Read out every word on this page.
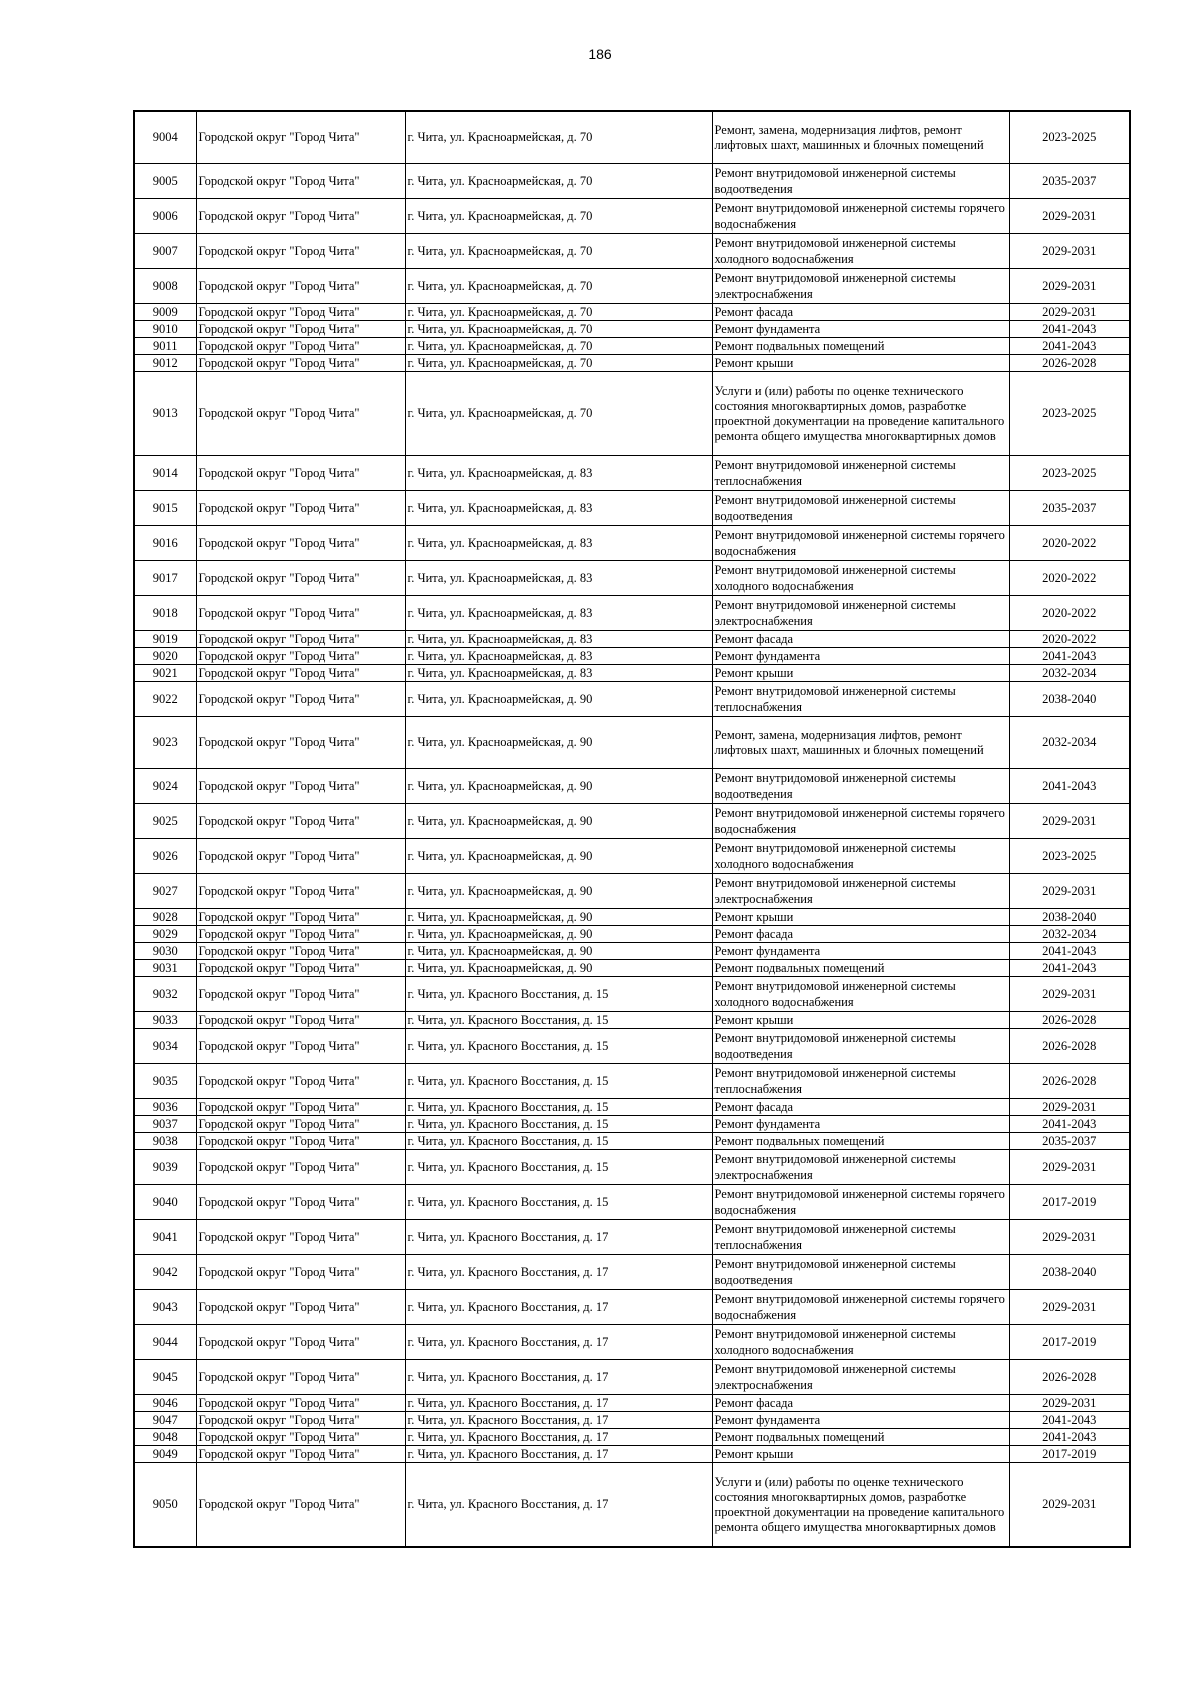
186
9004	Городской округ "Город Чита"	г. Чита, ул. Красноармейская, д. 70	Ремонт, замена, модернизация лифтов, ремонт лифтовых шахт, машинных и блочных помещений	2023-2025
9005	Городской округ "Город Чита"	г. Чита, ул. Красноармейская, д. 70	Ремонт внутридомовой инженерной системы водоотведения	2035-2037
9006	Городской округ "Город Чита"	г. Чита, ул. Красноармейская, д. 70	Ремонт внутридомовой инженерной системы горячего водоснабжения	2029-2031
9007	Городской округ "Город Чита"	г. Чита, ул. Красноармейская, д. 70	Ремонт внутридомовой инженерной системы холодного водоснабжения	2029-2031
9008	Городской округ "Город Чита"	г. Чита, ул. Красноармейская, д. 70	Ремонт внутридомовой инженерной системы электроснабжения	2029-2031
9009	Городской округ "Город Чита"	г. Чита, ул. Красноармейская, д. 70	Ремонт фасада	2029-2031
9010	Городской округ "Город Чита"	г. Чита, ул. Красноармейская, д. 70	Ремонт фундамента	2041-2043
9011	Городской округ "Город Чита"	г. Чита, ул. Красноармейская, д. 70	Ремонт подвальных помещений	2041-2043
9012	Городской округ "Город Чита"	г. Чита, ул. Красноармейская, д. 70	Ремонт крыши	2026-2028
9013	Городской округ "Город Чита"	г. Чита, ул. Красноармейская, д. 70	Услуги и (или) работы по оценке технического состояния многоквартирных домов, разработке проектной документации на проведение капитального ремонта общего имущества многоквартирных домов	2023-2025
9014	Городской округ "Город Чита"	г. Чита, ул. Красноармейская, д. 83	Ремонт внутридомовой инженерной системы теплоснабжения	2023-2025
9015	Городской округ "Город Чита"	г. Чита, ул. Красноармейская, д. 83	Ремонт внутридомовой инженерной системы водоотведения	2035-2037
9016	Городской округ "Город Чита"	г. Чита, ул. Красноармейская, д. 83	Ремонт внутридомовой инженерной системы горячего водоснабжения	2020-2022
9017	Городской округ "Город Чита"	г. Чита, ул. Красноармейская, д. 83	Ремонт внутридомовой инженерной системы холодного водоснабжения	2020-2022
9018	Городской округ "Город Чита"	г. Чита, ул. Красноармейская, д. 83	Ремонт внутридомовой инженерной системы электроснабжения	2020-2022
9019	Городской округ "Город Чита"	г. Чита, ул. Красноармейская, д. 83	Ремонт фасада	2020-2022
9020	Городской округ "Город Чита"	г. Чита, ул. Красноармейская, д. 83	Ремонт фундамента	2041-2043
9021	Городской округ "Город Чита"	г. Чита, ул. Красноармейская, д. 83	Ремонт крыши	2032-2034
9022	Городской округ "Город Чита"	г. Чита, ул. Красноармейская, д. 90	Ремонт внутридомовой инженерной системы теплоснабжения	2038-2040
9023	Городской округ "Город Чита"	г. Чита, ул. Красноармейская, д. 90	Ремонт, замена, модернизация лифтов, ремонт лифтовых шахт, машинных и блочных помещений	2032-2034
9024	Городской округ "Город Чита"	г. Чита, ул. Красноармейская, д. 90	Ремонт внутридомовой инженерной системы водоотведения	2041-2043
9025	Городской округ "Город Чита"	г. Чита, ул. Красноармейская, д. 90	Ремонт внутридомовой инженерной системы горячего водоснабжения	2029-2031
9026	Городской округ "Город Чита"	г. Чита, ул. Красноармейская, д. 90	Ремонт внутридомовой инженерной системы холодного водоснабжения	2023-2025
9027	Городской округ "Город Чита"	г. Чита, ул. Красноармейская, д. 90	Ремонт внутридомовой инженерной системы электроснабжения	2029-2031
9028	Городской округ "Город Чита"	г. Чита, ул. Красноармейская, д. 90	Ремонт крыши	2038-2040
9029	Городской округ "Город Чита"	г. Чита, ул. Красноармейская, д. 90	Ремонт фасада	2032-2034
9030	Городской округ "Город Чита"	г. Чита, ул. Красноармейская, д. 90	Ремонт фундамента	2041-2043
9031	Городской округ "Город Чита"	г. Чита, ул. Красноармейская, д. 90	Ремонт подвальных помещений	2041-2043
9032	Городской округ "Город Чита"	г. Чита, ул. Красного Восстания, д. 15	Ремонт внутридомовой инженерной системы холодного водоснабжения	2029-2031
9033	Городской округ "Город Чита"	г. Чита, ул. Красного Восстания, д. 15	Ремонт крыши	2026-2028
9034	Городской округ "Город Чита"	г. Чита, ул. Красного Восстания, д. 15	Ремонт внутридомовой инженерной системы водоотведения	2026-2028
9035	Городской округ "Город Чита"	г. Чита, ул. Красного Восстания, д. 15	Ремонт внутридомовой инженерной системы теплоснабжения	2026-2028
9036	Городской округ "Город Чита"	г. Чита, ул. Красного Восстания, д. 15	Ремонт фасада	2029-2031
9037	Городской округ "Город Чита"	г. Чита, ул. Красного Восстания, д. 15	Ремонт фундамента	2041-2043
9038	Городской округ "Город Чита"	г. Чита, ул. Красного Восстания, д. 15	Ремонт подвальных помещений	2035-2037
9039	Городской округ "Город Чита"	г. Чита, ул. Красного Восстания, д. 15	Ремонт внутридомовой инженерной системы электроснабжения	2029-2031
9040	Городской округ "Город Чита"	г. Чита, ул. Красного Восстания, д. 15	Ремонт внутридомовой инженерной системы горячего водоснабжения	2017-2019
9041	Городской округ "Город Чита"	г. Чита, ул. Красного Восстания, д. 17	Ремонт внутридомовой инженерной системы теплоснабжения	2029-2031
9042	Городской округ "Город Чита"	г. Чита, ул. Красного Восстания, д. 17	Ремонт внутридомовой инженерной системы водоотведения	2038-2040
9043	Городской округ "Город Чита"	г. Чита, ул. Красного Восстания, д. 17	Ремонт внутридомовой инженерной системы горячего водоснабжения	2029-2031
9044	Городской округ "Город Чита"	г. Чита, ул. Красного Восстания, д. 17	Ремонт внутридомовой инженерной системы холодного водоснабжения	2017-2019
9045	Городской округ "Город Чита"	г. Чита, ул. Красного Восстания, д. 17	Ремонт внутридомовой инженерной системы электроснабжения	2026-2028
9046	Городской округ "Город Чита"	г. Чита, ул. Красного Восстания, д. 17	Ремонт фасада	2029-2031
9047	Городской округ "Город Чита"	г. Чита, ул. Красного Восстания, д. 17	Ремонт фундамента	2041-2043
9048	Городской округ "Город Чита"	г. Чита, ул. Красного Восстания, д. 17	Ремонт подвальных помещений	2041-2043
9049	Городской округ "Город Чита"	г. Чита, ул. Красного Восстания, д. 17	Ремонт крыши	2017-2019
9050	Городской округ "Город Чита"	г. Чита, ул. Красного Восстания, д. 17	Услуги и (или) работы по оценке технического состояния многоквартирных домов, разработке проектной документации на проведение капитального ремонта общего имущества многоквартирных домов	2029-2031
